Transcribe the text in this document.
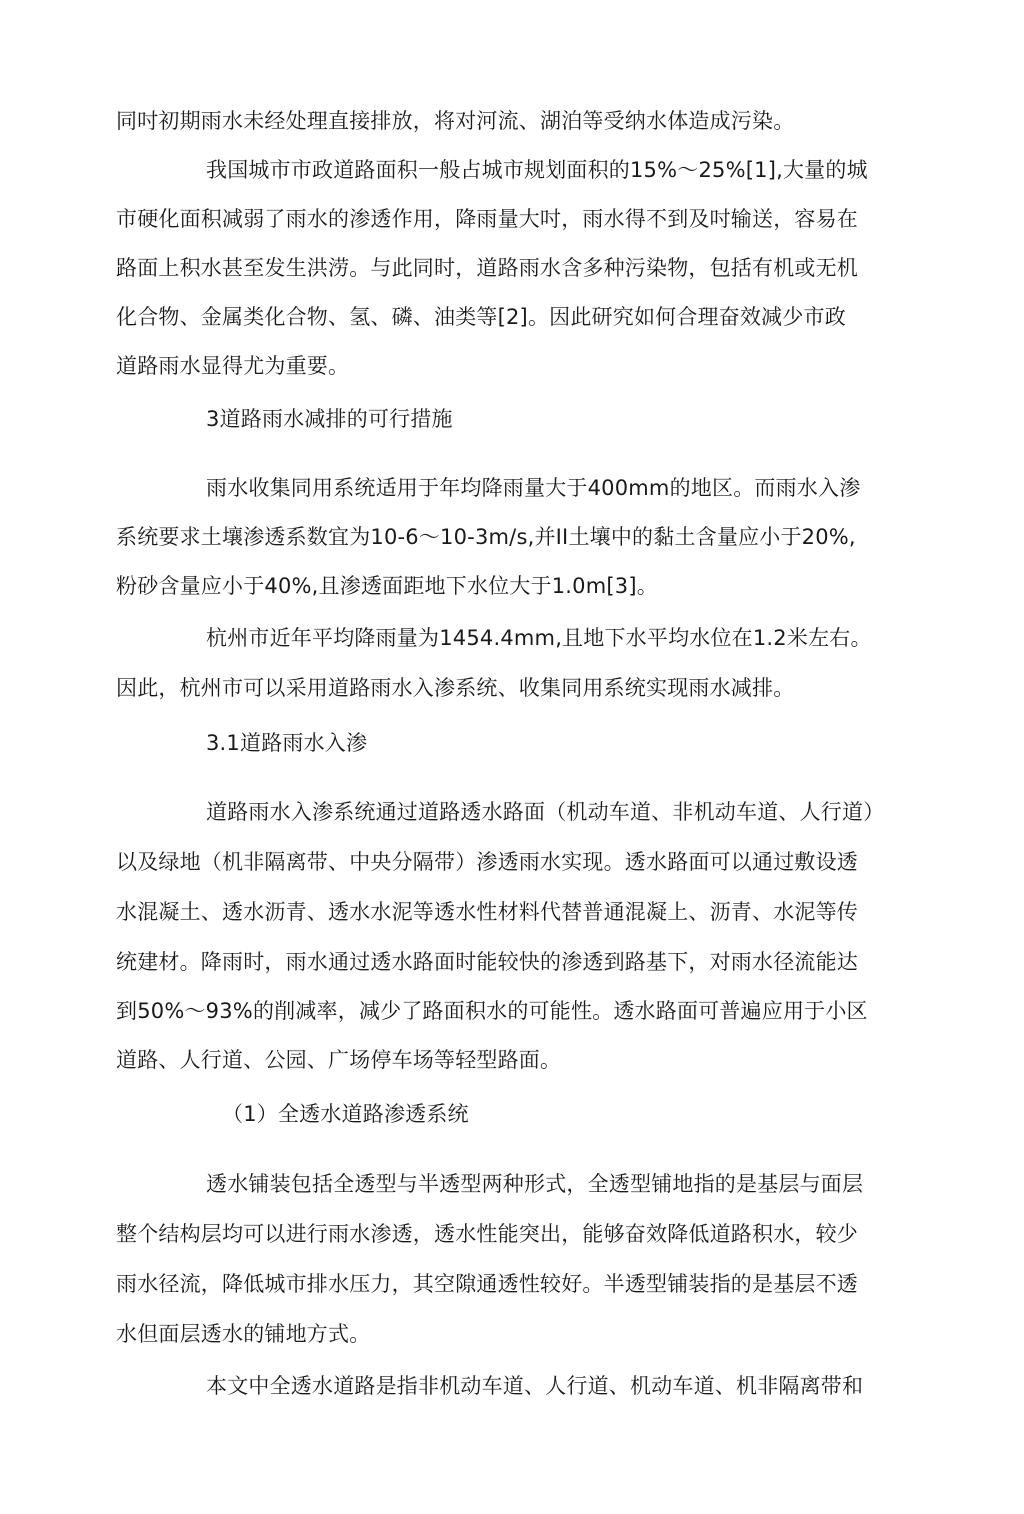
同吋初期雨水未经处理直接排放，将对河流、湖泊等受纳水体造成污染。
我国城市市政道路面积一般占城市规划面积的15%～25%[1],大量的城
市硬化面积减弱了雨水的渗透作用，降雨量大吋，雨水得不到及吋输送，容易在
路面上积水甚至发生洪涝。与此同时，道路雨水含多种污染物，包括有机或无机
化合物、金属类化合物、氢、磷、油类等[2]。因此研究如何合理奋效减少市政
道路雨水显得尤为重要。
3道路雨水减排的可行措施
雨水收集同用系统适用于年均降雨量大于400mm的地区。而雨水入渗
系统要求土壤渗透系数宜为10-6～10-3m/s,并II土壤中的黏土含量应小于20%,
粉砂含量应小于40%,且渗透面距地下水位大于1.0m[3]。
杭州市近年平均降雨量为1454.4mm,且地下水平均水位在1.2米左右。
因此，杭州市可以采用道路雨水入渗系统、收集同用系统实现雨水减排。
3.1道路雨水入渗
道路雨水入渗系统通过道路透水路面（机动车道、非机动车道、人行道）
以及绿地（机非隔离带、中央分隔带）渗透雨水实现。透水路面可以通过敷设透
水混凝土、透水沥青、透水水泥等透水性材料代替普通混凝上、沥青、水泥等传
统建材。降雨时，雨水通过透水路面时能较快的渗透到路基下，对雨水径流能达
到50%～93%的削减率，减少了路面积水的可能性。透水路面可普遍应用于小区
道路、人行道、公园、广场停车场等轻型路面。
（1）全透水道路渗透系统
透水铺装包括全透型与半透型两种形式，全透型铺地指的是基层与面层
整个结构层均可以进行雨水渗透，透水性能突出，能够奋效降低道路积水，较少
雨水径流，降低城市排水压力，其空隙通透性较好。半透型铺装指的是基层不透
水但面层透水的铺地方式。
本文中全透水道路是指非机动车道、人行道、机动车道、机非隔离带和
